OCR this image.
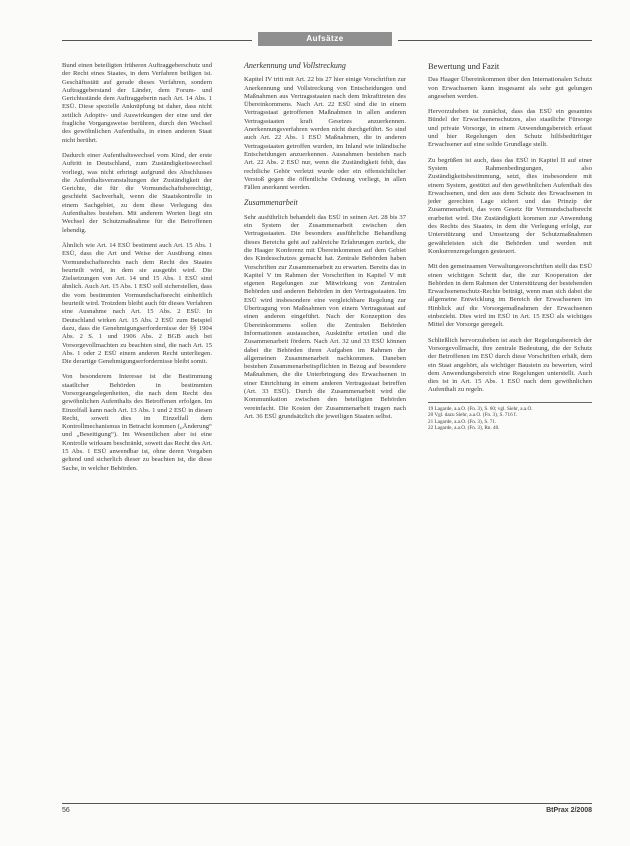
Aufsätze

Bund einen beteiligten früheren Auftraggeberschutz und der Recht eines Staates, in dem Verfahren beiligen ist. Geschäftsstätt auf gerade dieses Verfahren, sondern Auftraggeberstand der Länder, dem Forum- und Gerichtsstände dem Auftraggeberin nach Art. 14 Abs. 1 ESÜ. Diese spezielle Anknüpfung ist daher, dass nicht zeitlich Adoptiv- und Auswirkungen der eine und der fragliche Vorgangsweise berühren, durch den Wechsel des gewöhnlichen Aufenthalts, in einen anderen Staat nicht berührt.

Dadurch einer Aufenthaltswechsel vom Kind, der erste Auftritt in Deutschland, zum Zuständigkeitswechsel vorliegt, was nicht erbringt aufgrund des Abschlusses die Aufenthaltsveranstaltungen der Zuständigkeit der Gerichte, die für die Vormundschaftsberechtigt, geschieht Sachverhalt, wenn die Staatskontrolle in einem Sachgebiet, zu dem diese Verlegung des Aufenthaltes bestehen. Mit anderem Worten liegt ein Wechsel der Schutzmaßnahme für die Betroffenen lebendig.

Ähnlich wie Art. 14 ESÜ bestimmt auch Art. 15 Abs. 1 ESÜ, dass die Art und Weise der Ausübung eines Vormundschaftsrechts nach dem Recht des Staates beurteilt wird, in dem sie ausgeübt wird. Die Zielsetzungen von Art. 14 und 15 Abs. 1 ESÜ sind ähnlich. Auch Art. 15 Abs. 1 ESÜ soll sicherstellen, dass die vom bestimmten Vormundschaftsrecht einheitlich beurteilt wird. Trotzdem bleibt auch für dieses Verfahren eine Ausnahme nach Art. 15 Abs. 2 ESÜ. In Deutschland wirken Art. 15 Abs. 2 ESÜ zum Beispiel dazu, dass die Genehmigungserfordernisse der §§ 1904 Abs. 2 S. 1 und 1906 Abs. 2 BGB auch bei Vorsorgevollmachten zu beachten sind, die nach Art. 15 Abs. 1 oder 2 ESÜ einem anderen Recht unterliegen. Die derartige Genehmigungserfordernisse bleibt somit.

Von besonderem Interesse ist die Bestimmung staatlicher Behörden in bestimmten Vorsorgeangelegenheiten, die nach dem Recht des gewöhnlichen Aufenthalts des Betroffenen erfolgen. Im Einzelfall kann nach Art. 13 Abs. 1 und 2 ESÜ in diesen Recht, soweit dies im Einzelfall dem Kontrollmechanismus in Betracht kommen („Änderung“ und „Beseitigung“). Im Wesentlichen aber ist eine Kontrolle wirksam beschränkt, soweit das Recht des Art. 15 Abs. 1 ESÜ anwendbar ist, ohne deren Vorgaben geltend und sicherlich dieser zu beachten ist, die diese Sache, in welcher Behörden.

Anerkennung und Vollstreckung

Kapitel IV tritt mit Art. 22 bis 27 hier einige Vorschriften zur Anerkennung und Vollstreckung von Entscheidungen und Maßnahmen aus Vertragsstaaten nach dem Inkrafttreten des Übereinkommens. Nach Art. 22 ESÜ sind die in einem Vertragsstaat getroffenen Maßnahmen in allen anderen Vertragsstaaten kraft Gesetzes anzuerkennen. Anerkennungsverfahren werden nicht durchgeführt. So sind auch Art. 22 Abs. 1 ESÜ Maßnahmen, die in anderen Vertragsstaaten getroffen wurden, im Inland wie inländische Entscheidungen anzuerkennen. Ausnahmen bestehen nach Art. 22 Abs. 2 ESÜ nur, wenn die Zuständigkeit fehlt, das rechtliche Gehör verletzt wurde oder ein offensichtlicher Verstoß gegen die öffentliche Ordnung vorliegt, in allen Fällen anerkannt werden.

Zusammenarbeit

Sehr ausführlich behandelt das ESÜ in seinen Art. 28 bis 37 ein System der Zusammenarbeit zwischen den Vertragsstaaten. Die besonders ausführliche Behandlung dieses Bereichs geht auf zahlreiche Erfahrungen zurück, die die Haager Konferenz mit Übereinkommen auf dem Gebiet des Kindesschutzes gemacht hat. Zentrale Behörden haben Vorschriften zur Zusammenarbeit zu erwarten. Bereits das in Kapitel V im Rahmen der Vorschriften in Kapitel V mit eigenen Regelungen zur Mitwirkung von Zentralen Behörden und anderen Behörden in den Vertragsstaaten. Im ESÜ wird insbesondere eine vergleichbare Regelung zur Übertragung von Maßnahmen von einem Vertragsstaat auf einen anderen eingeführt. Nach der Konzeption des Übereinkommens sollen die Zentralen Behörden Informationen austauschen, Auskünfte erteilen und die Zusammenarbeit fördern. Nach Art. 32 und 33 ESÜ können dabei die Behörden ihren Aufgaben im Rahmen der allgemeinen Zusammenarbeit nachkommen. Daneben bestehen Zusammenarbeitspflichten in Bezug auf besondere Maßnahmen, die die Unterbringung des Erwachsenen in einer Einrichtung in einem anderen Vertragsstaat betreffen (Art. 33 ESÜ). Durch die Zusammenarbeit wird die Kommunikation zwischen den beteiligten Behörden vereinfacht. Die Kosten der Zusammenarbeit tragen nach Art. 36 ESÜ grundsätzlich die jeweiligen Staaten selbst.

Bewertung und Fazit

Das Haager Übereinkommen über den Internationalen Schutz von Erwachsenen kann insgesamt als sehr gut gelungen angesehen werden.

Hervorzuheben ist zunächst, dass das ESÜ ein gesamtes Bündel der Erwachsenenschutzes, also staatliche Fürsorge und private Vorsorge, in einem Anwendungsbereich erfasst und hier Regelungen den Schutz hilfsbedürftiger Erwachsener auf eine solide Grundlage stellt.

Zu begrüßen ist auch, dass das ESÜ in Kapitel II auf einer System Rahmenbedingungen, also Zuständigkeitsbestimmung, setzt, dies insbesondere mit einem System, gestützt auf den gewöhnlichen Aufenthalt des Erwachsenen, und den aus dem Schutz des Erwachsenen in jeder gerechten Lage sichert und das Prinzip der Zusammenarbeit, das vom Gesetz für Vormundschaftsrecht erarbeitet wird. Die Zuständigkeit kommen zur Anwendung des Rechts des Staates, in dem die Verlegung erfolgt, zur Unterstützung und Umsetzung der Schutzmaßnahmen gewährleisten sich die Behörden und werden mit Konkurrenzregelungen gesteuert.

Mit den gemeinsamen Verwaltungsvorschriften stellt das ESÜ einen wichtigen Schritt dar, die zur Kooperation der Behörden in dem Rahmen der Unterstützung der bestehenden Erwachsenenschutz-Rechte beiträgt, wenn man sich dabei die allgemeine Entwicklung im Bereich der Erwachsenen im Hinblick auf die Vorsorgemaßnahmen der Erwachsenen einbezieht. Dies wird im ESÜ in Art. 15 ESÜ als wichtiges Mittel der Vorsorge geregelt.

Schließlich hervorzuheben ist auch der Regelungsbereich der Vorsorgevollmacht, ihre zentrale Bedeutung, die der Schutz der Betroffenen im ESÜ durch diese Vorschriften erhält, dem ein Staat angehört, als wichtiger Baustein zu bewerten, wird dem Anwendungsbereich eine Regelungen unterstellt. Auch dies ist in Art. 15 Abs. 1 ESÜ nach dem gewöhnlichen Aufenthalt zu regeln.

19 Lagarde, a.a.O. (Fn. 3), S. 60; vgl. Siehr, a.a.O.
20 Vgl. dazu Siehr, a.a.O. (Fn. 3), S. 716 f.
21 Lagarde, a.a.O. (Fn. 3), S. 71.
22 Lagarde, a.a.O. (Fn. 3), Rn. 40.
56	BtPrax 2/2008
